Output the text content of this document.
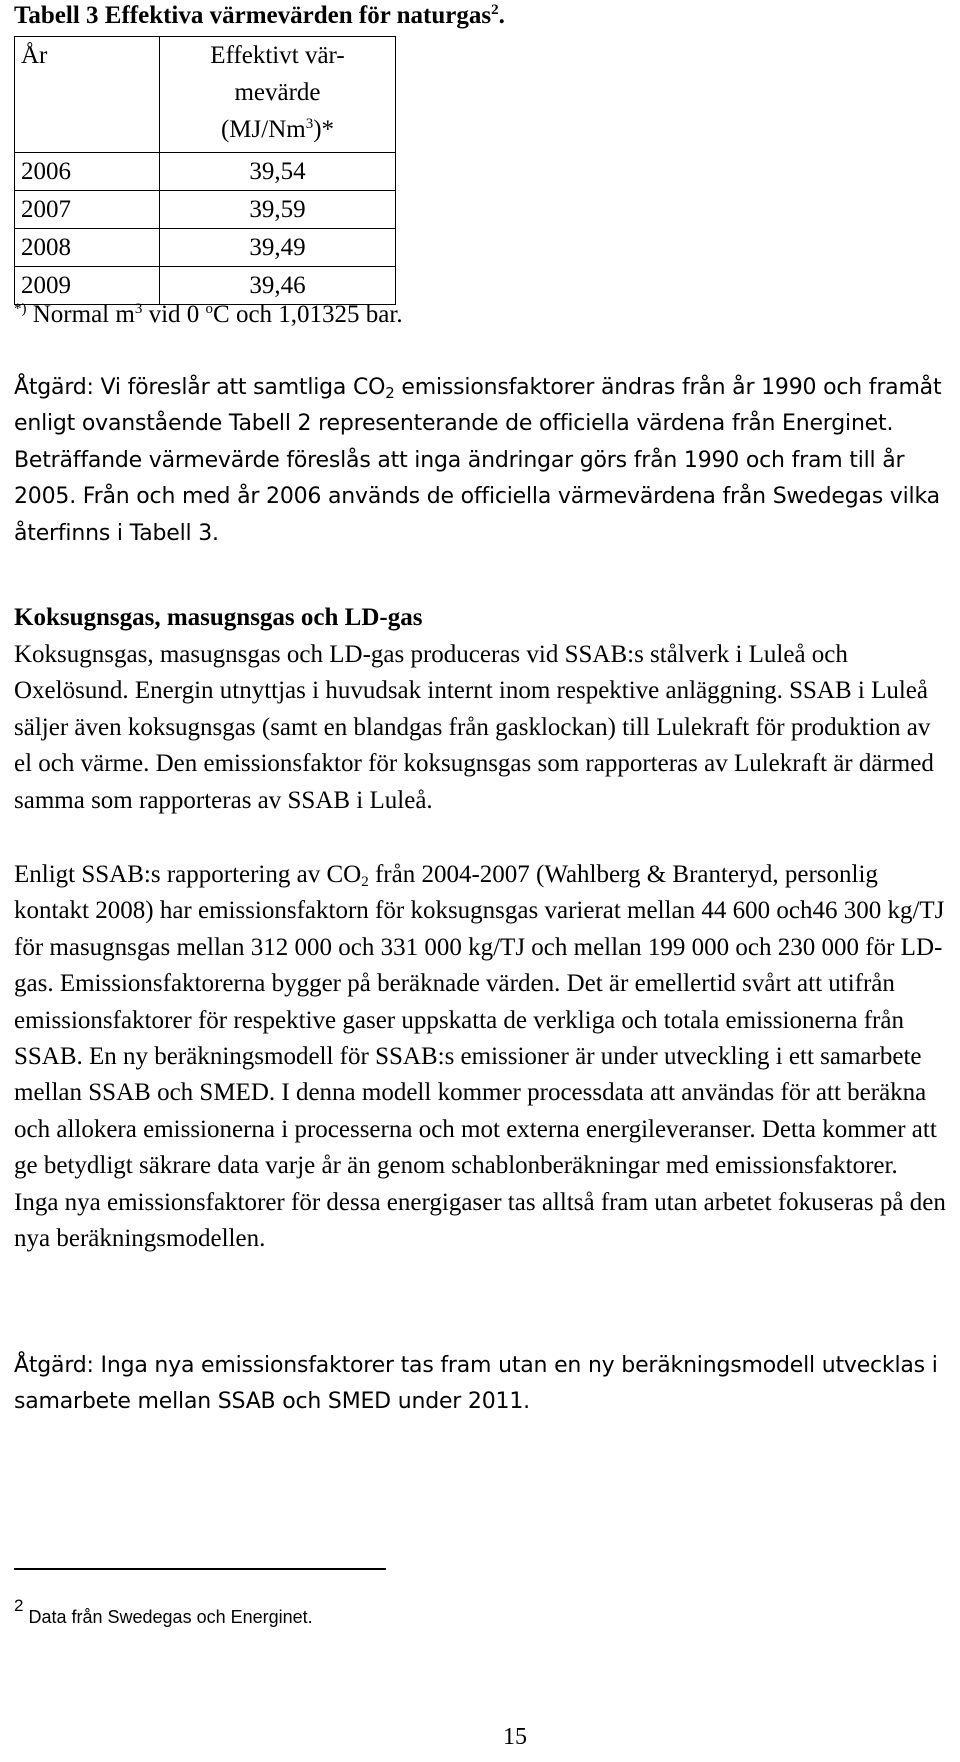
Tabell 3 Effektiva värmevärden för naturgas$^2$.
År	Effektivt vär-
mevärde
(MJ/Nm$^3$)*

2006	39,54
2007	39,59
2008	39,49
2009	39,46
*) Normal $m^3$ vid 0 $^o$C och 1,01325 bar.

Åtgärd: Vi föreslår att samtliga $CO_2$ emissionsfaktorer ändras från år 1990 och framåt enligt ovanstående Tabell 2 representerande de officiella värdena från Energinet. Beträffande värmevärde föreslås att inga ändringar görs från 1990 och fram till år 2005. Från och med år 2006 används de officiella värmevärdena från Swedegas vilka återfinns i Tabell 3.

Koksugnsgas, masugnsgas och LD-gas

Koksugnsgas, masugnsgas och LD-gas produceras vid SSAB:s stålverk i Luleå och Oxelösund. Energin utnyttjas i huvudsak internt inom respektive anläggning. SSAB i Luleå säljer även koksugnsgas (samt en blandgas från gasklockan) till Lulekraft för produktion av el och värme. Den emissionsfaktor för koksugnsgas som rapporteras av Lulekraft är därmed samma som rapporteras av SSAB i Luleå.

Enligt SSAB:s rapportering av $CO_2$ från 2004-2007 (Wahlberg & Branteryd, personlig kontakt 2008) har emissionsfaktorn för koksugnsgas varierat mellan 44 600 och46 300 kg/TJ för masugnsgas mellan 312 000 och 331 000 kg/TJ och mellan 199 000 och 230 000 för LD-gas. Emissionsfaktorerna bygger på beräknade värden. Det är emellertid svårt att utifrån emissionsfaktorer för respektive gaser uppskatta de verkliga och totala emissionerna från SSAB. En ny beräkningsmodell för SSAB:s emissioner är under utveckling i ett samarbete mellan SSAB och SMED. I denna modell kommer processdata att användas för att beräkna och allokera emissionerna i processerna och mot externa energileveranser. Detta kommer att ge betydligt säkrare data varje år än genom schablonberäkningar med emissionsfaktorer. Inga nya emissionsfaktorer för dessa energigaser tas alltså fram utan arbetet fokuseras på den nya beräkningsmodellen.

Åtgärd: Inga nya emissionsfaktorer tas fram utan en ny beräkningsmodell utvecklas i samarbete mellan SSAB och SMED under 2011.

2 Data från Swedegas och Energinet.
15
